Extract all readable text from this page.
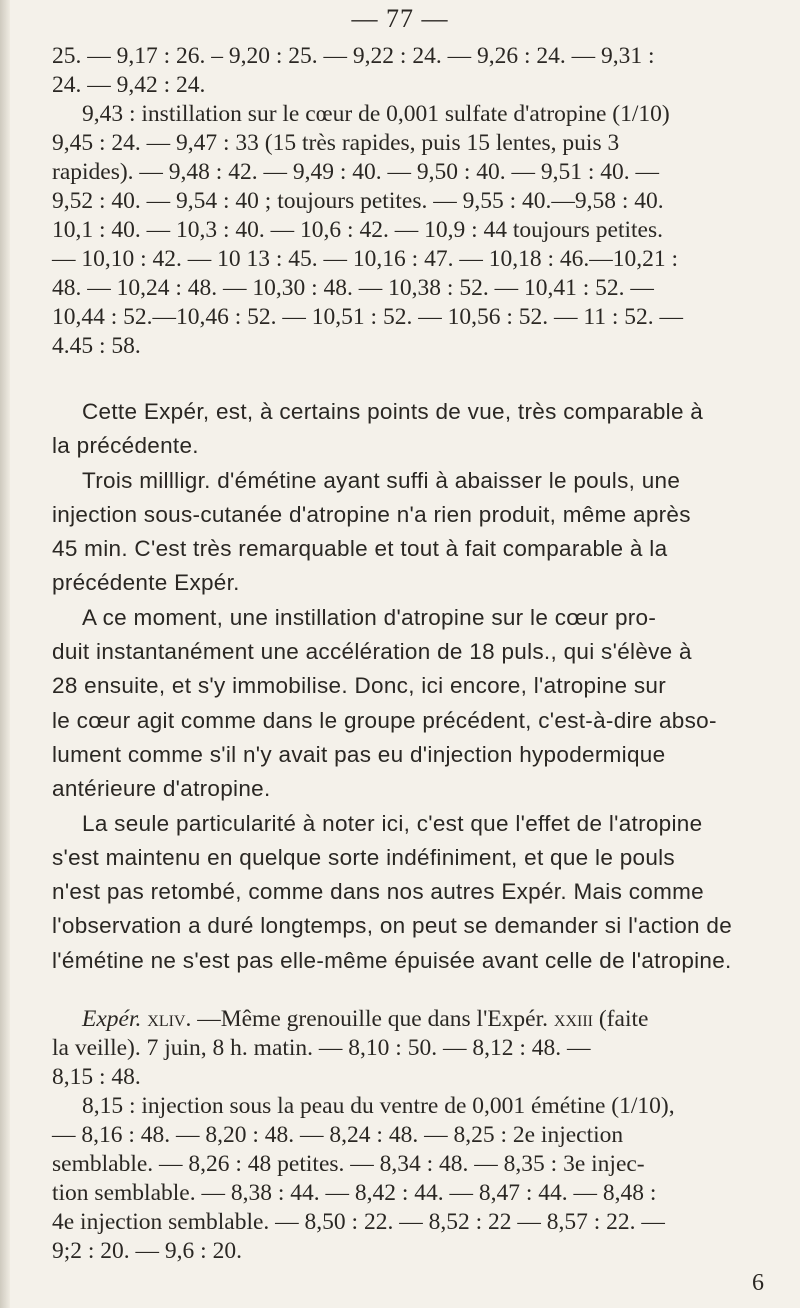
— 77 —

25. — 9,17 : 26. – 9,20 : 25. — 9,22 : 24. — 9,26 : 24. — 9,31 :

24. — 9,42 : 24.

9,43 : instillation sur le cœur de 0,001 sulfate d'atropine (1/10)

9,45 : 24. — 9,47 : 33 (15 très rapides, puis 15 lentes, puis 3

rapides). — 9,48 : 42. — 9,49 : 40. — 9,50 : 40. — 9,51 : 40. —

9,52 : 40. — 9,54 : 40 ; toujours petites. — 9,55 : 40.—9,58 : 40.

10,1 : 40. — 10,3 : 40. — 10,6 : 42. — 10,9 : 44 toujours petites.

— 10,10 : 42. — 10 13 : 45. — 10,16 : 47. — 10,18 : 46.—10,21 :

48. — 10,24 : 48. — 10,30 : 48. — 10,38 : 52. — 10,41 : 52. —

10,44 : 52.—10,46 : 52. — 10,51 : 52. — 10,56 : 52. — 11 : 52. —

4.45 : 58.

Cette Expér, est, à certains points de vue, très comparable à

la précédente.

Trois millligr. d'émétine ayant suffi à abaisser le pouls, une

injection sous-cutanée d'atropine n'a rien produit, même après

45 min. C'est très remarquable et tout à fait comparable à la

précédente Expér.

A ce moment, une instillation d'atropine sur le cœur pro-

duit instantanément une accélération de 18 puls., qui s'élève à

28 ensuite, et s'y immobilise. Donc, ici encore, l'atropine sur

le cœur agit comme dans le groupe précédent, c'est-à-dire abso-

lument comme s'il n'y avait pas eu d'injection hypodermique

antérieure d'atropine.

La seule particularité à noter ici, c'est que l'effet de l'atropine

s'est maintenu en quelque sorte indéfiniment, et que le pouls

n'est pas retombé, comme dans nos autres Expér. Mais comme

l'observation a duré longtemps, on peut se demander si l'action de

l'émétine ne s'est pas elle-même épuisée avant celle de l'atropine.

Expér. xliv. —Même grenouille que dans l'Expér. xxiii (faite

la veille). 7 juin, 8 h. matin. — 8,10 : 50. — 8,12 : 48. —

8,15 : 48.

8,15 : injection sous la peau du ventre de 0,001 émétine (1/10),

— 8,16 : 48. — 8,20 : 48. — 8,24 : 48. — 8,25 : 2e injection

semblable. — 8,26 : 48 petites. — 8,34 : 48. — 8,35 : 3e injec-

tion semblable. — 8,38 : 44. — 8,42 : 44. — 8,47 : 44. — 8,48 :

4e injection semblable. — 8,50 : 22. — 8,52 : 22 — 8,57 : 22. —

9;2 : 20. — 9,6 : 20.

6
